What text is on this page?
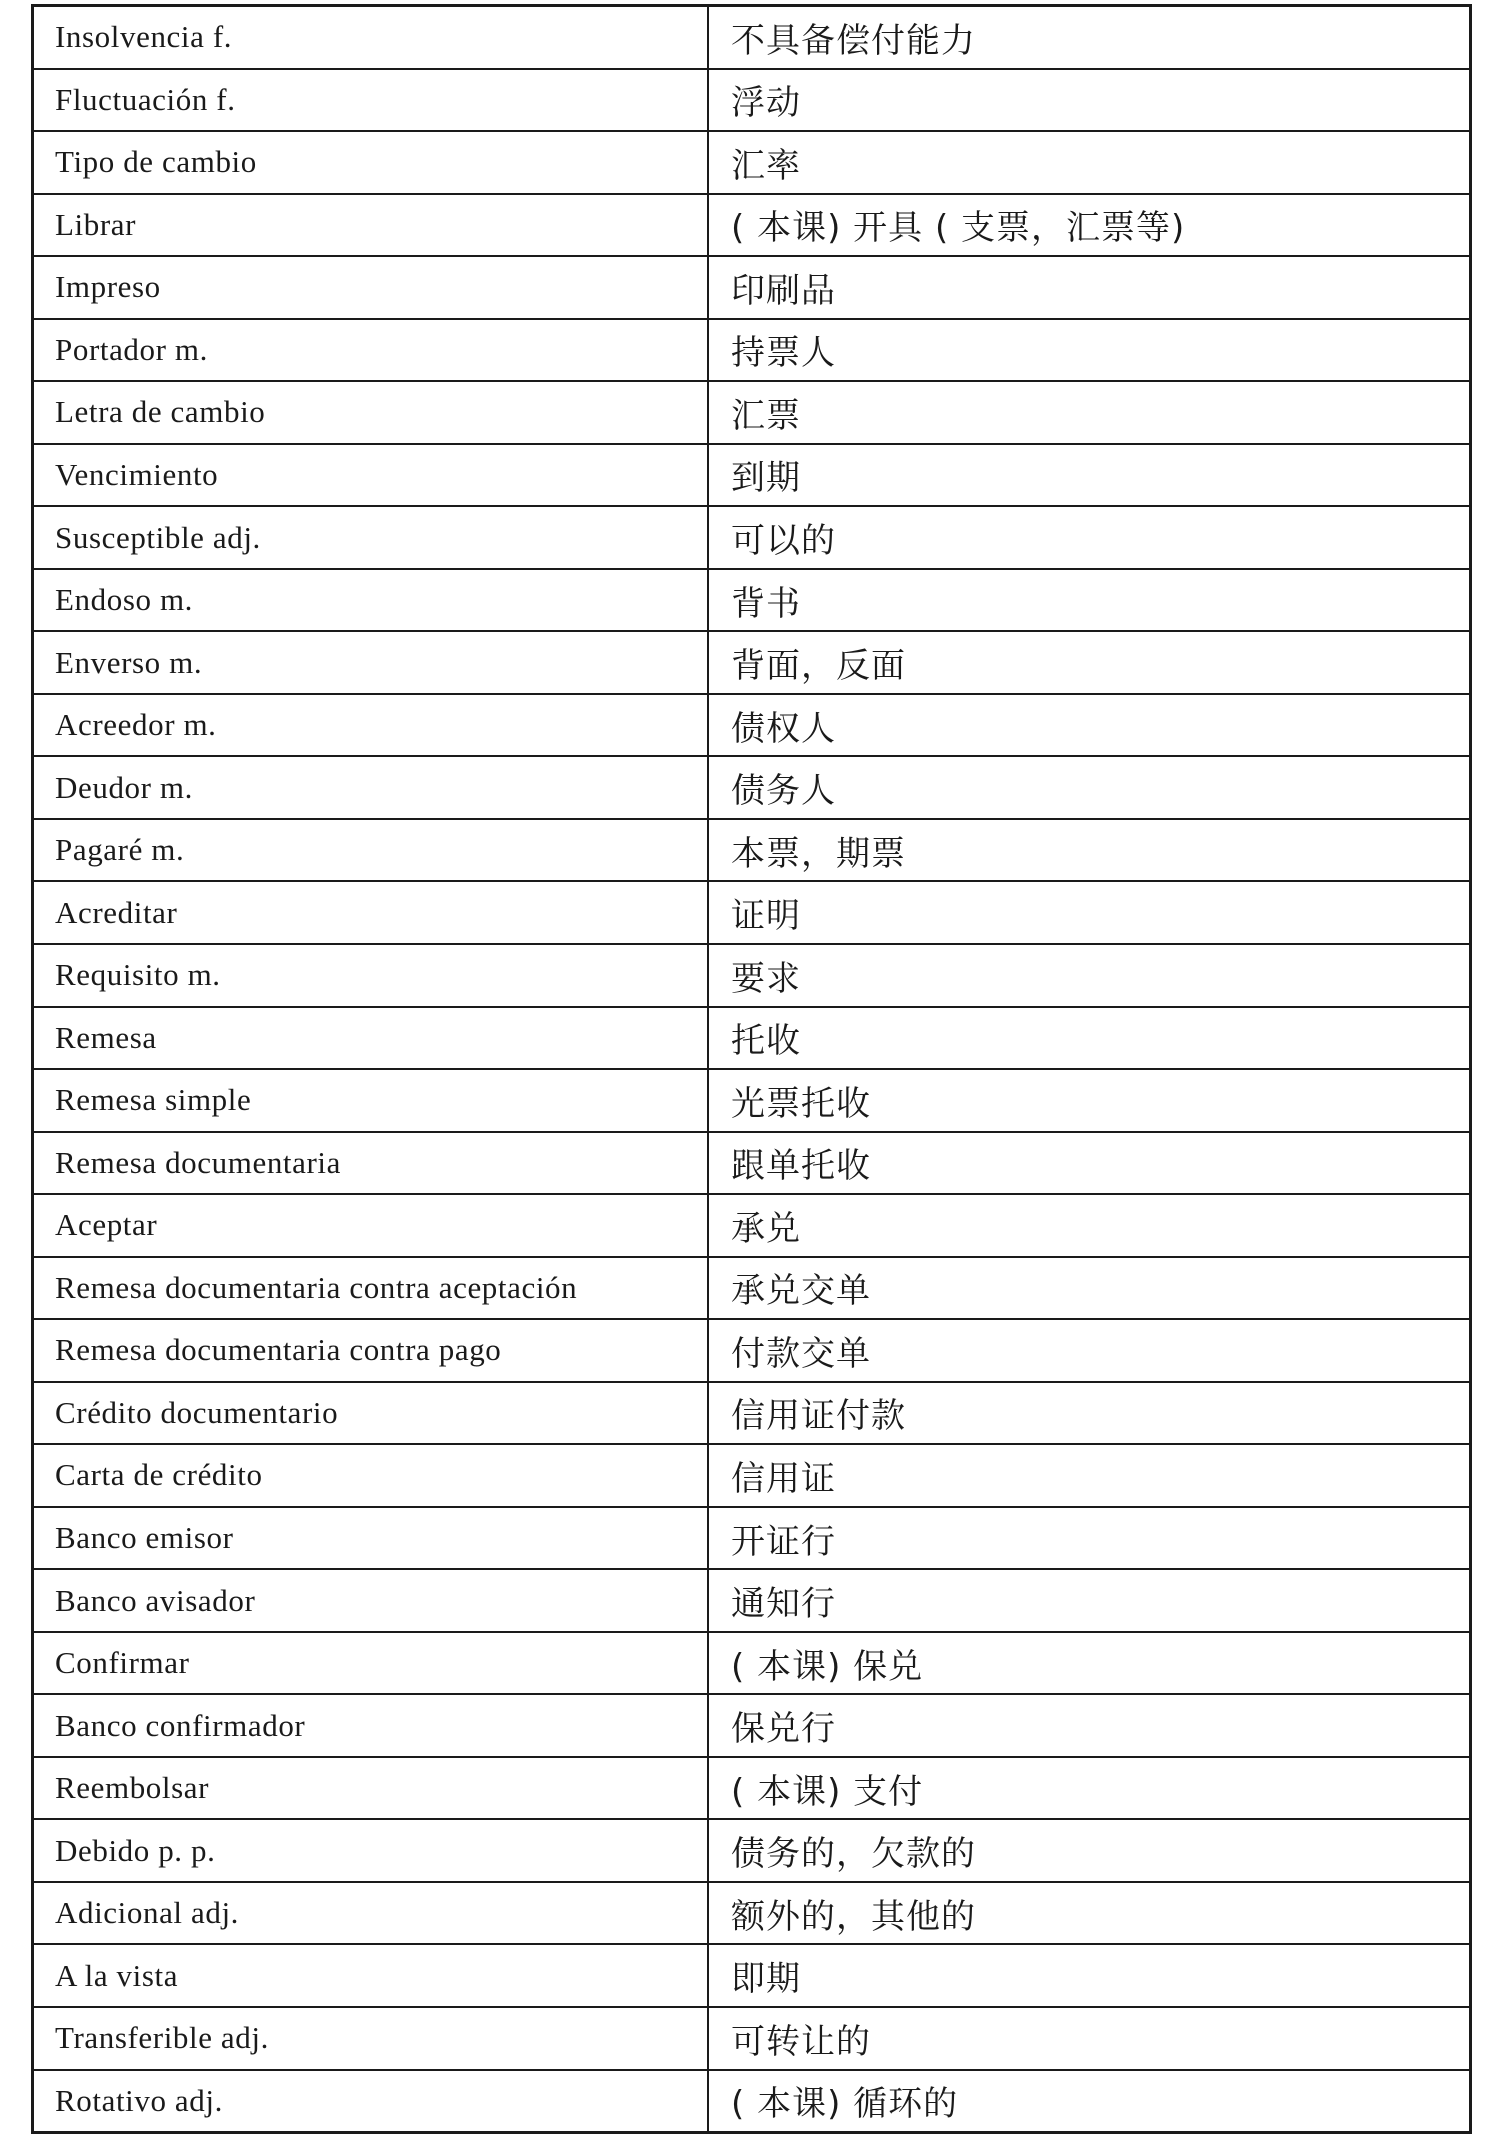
Insolvencia f.	不具备偿付能力
Fluctuación f.	浮动
Tipo de cambio	汇率
Librar	( 本课) 开具 ( 支票，汇票等)
Impreso	印刷品
Portador m.	持票人
Letra de cambio	汇票
Vencimiento	到期
Susceptible adj.	可以的
Endoso m.	背书
Enverso m.	背面，反面
Acreedor m.	债权人
Deudor m.	债务人
Pagaré m.	本票，期票
Acreditar	证明
Requisito m.	要求
Remesa	托收
Remesa simple	光票托收
Remesa documentaria	跟单托收
Aceptar	承兑
Remesa documentaria contra aceptación	承兑交单
Remesa documentaria contra pago	付款交单
Crédito documentario	信用证付款
Carta de crédito	信用证
Banco emisor	开证行
Banco avisador	通知行
Confirmar	( 本课) 保兑
Banco confirmador	保兑行
Reembolsar	( 本课) 支付
Debido p. p.	债务的，欠款的
Adicional adj.	额外的，其他的
A la vista	即期
Transferible adj.	可转让的
Rotativo adj.	( 本课) 循环的
